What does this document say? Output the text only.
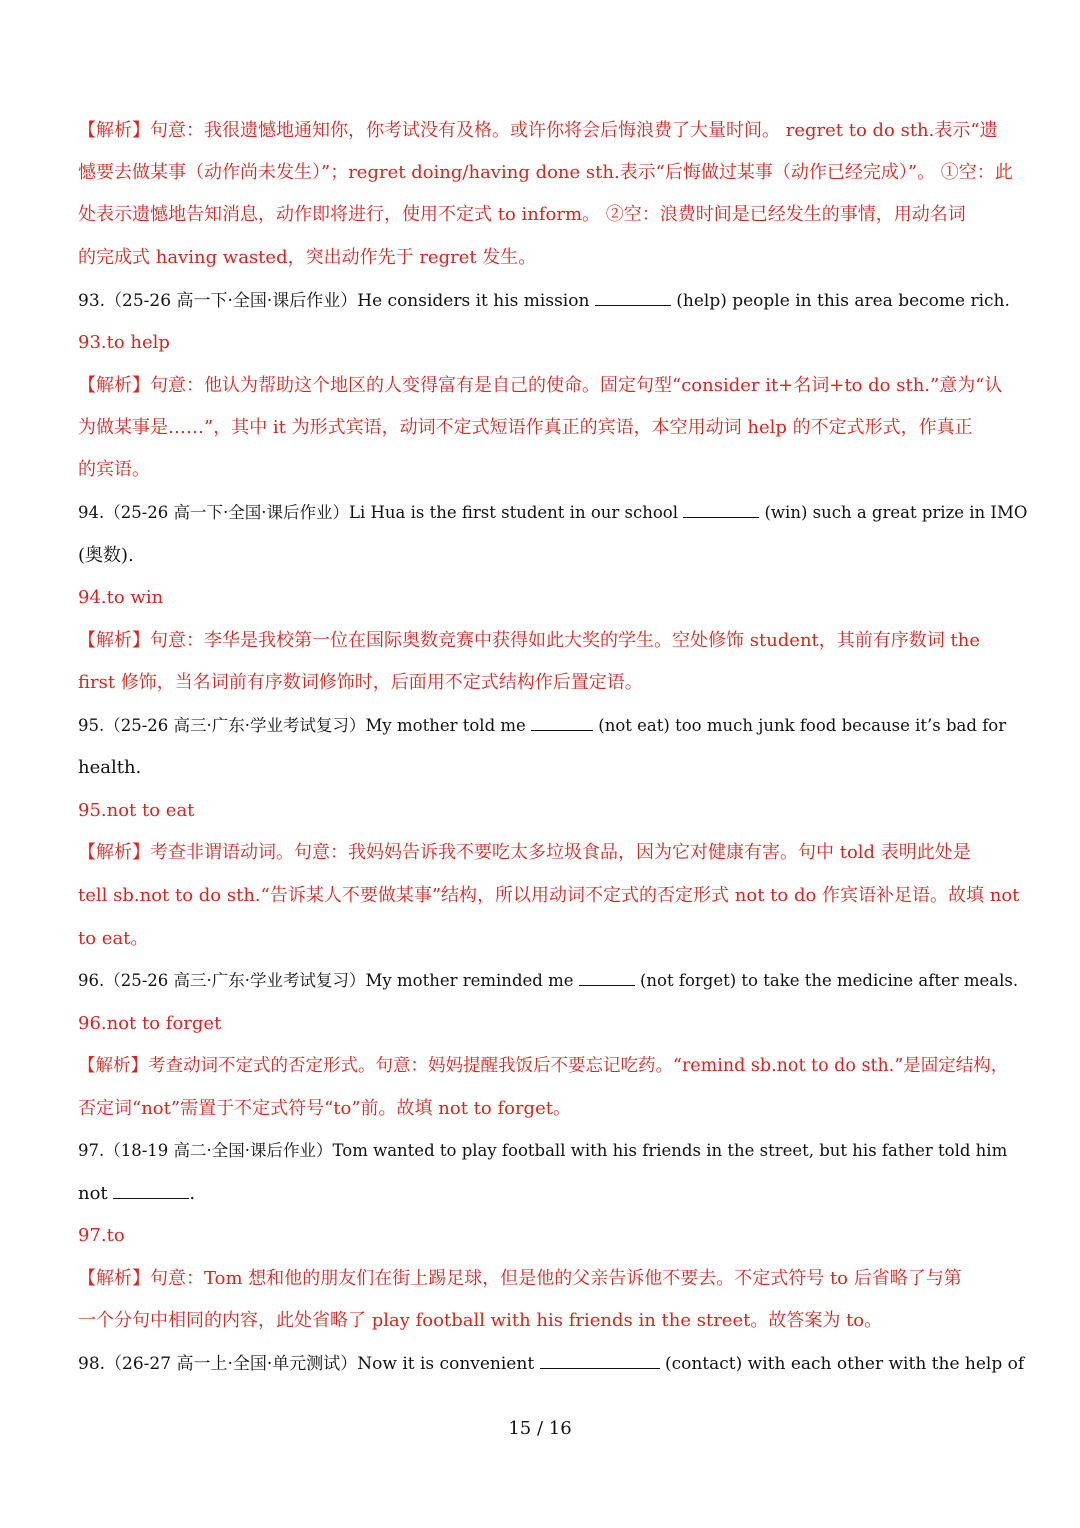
【解析】句意：我很遗憾地通知你，你考试没有及格。或许你将会后悔浪费了大量时间。 regret to do sth.表示“遗
憾要去做某事（动作尚未发生）”；regret doing/having done sth.表示“后悔做过某事（动作已经完成）”。 ①空：此
处表示遗憾地告知消息，动作即将进行，使用不定式 to inform。 ②空：浪费时间是已经发生的事情，用动名词
的完成式 having wasted，突出动作先于 regret 发生。
93.（25-26 高一下·全国·课后作业）He considers it his mission	(help) people in this area become rich.
93.to help
【解析】句意：他认为帮助这个地区的人变得富有是自己的使命。固定句型“consider it+名词+to do sth.”意为“认
为做某事是……”，其中 it 为形式宾语，动词不定式短语作真正的宾语，本空用动词 help 的不定式形式，作真正
的宾语。
94.（25-26 高一下·全国·课后作业）Li Hua is the first student in our school	(win) such a great prize in IMO
(奥数).
94.to win
【解析】句意：李华是我校第一位在国际奥数竞赛中获得如此大奖的学生。空处修饰 student，其前有序数词 the
first 修饰，当名词前有序数词修饰时，后面用不定式结构作后置定语。
95.（25-26 高三·广东·学业考试复习）My mother told me	(not eat) too much junk food because it’s bad for
health.
95.not to eat
【解析】考查非谓语动词。句意：我妈妈告诉我不要吃太多垃圾食品，因为它对健康有害。句中 told 表明此处是
tell sb.not to do sth.“告诉某人不要做某事”结构，所以用动词不定式的否定形式 not to do 作宾语补足语。故填 not
to eat。
96.（25-26 高三·广东·学业考试复习）My mother reminded me	(not forget) to take the medicine after meals.
96.not to forget
【解析】考查动词不定式的否定形式。句意：妈妈提醒我饭后不要忘记吃药。“remind sb.not to do sth.”是固定结构，
否定词“not”需置于不定式符号“to”前。故填 not to forget。
97.（18-19 高二·全国·课后作业）Tom wanted to play football with his friends in the street, but his father told him
not	.
97.to
【解析】句意：Tom 想和他的朋友们在街上踢足球，但是他的父亲告诉他不要去。不定式符号 to 后省略了与第
一个分句中相同的内容，此处省略了 play football with his friends in the street。故答案为 to。
98.（26-27 高一上·全国·单元测试）Now it is convenient	(contact) with each other with the help of
15 / 16
